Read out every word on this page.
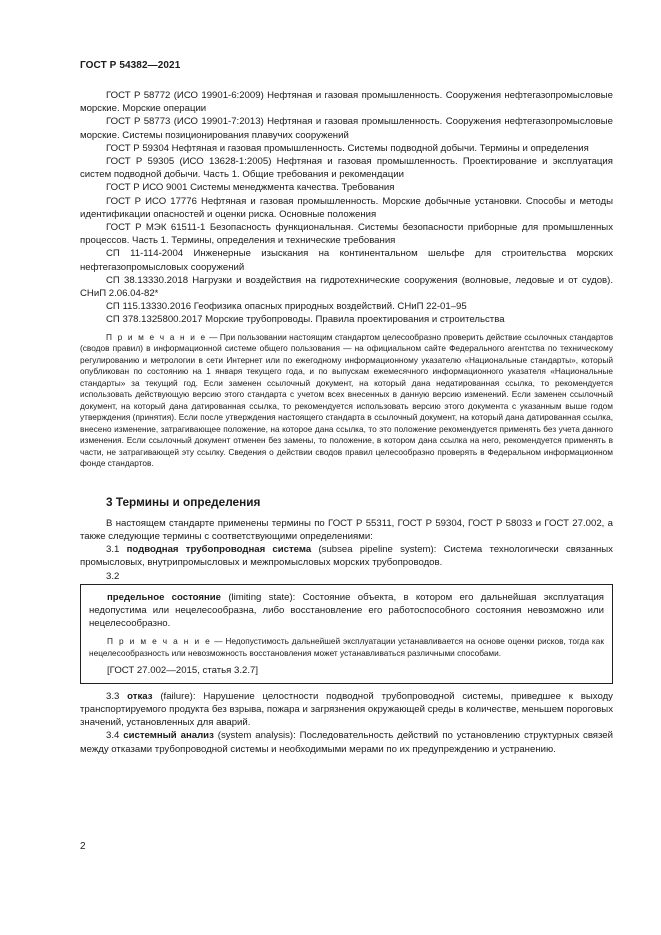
ГОСТ Р 54382—2021

ГОСТ Р 58772 (ИСО 19901-6:2009) Нефтяная и газовая промышленность. Сооружения нефтегазопромысловые морские. Морские операции

ГОСТ Р 58773 (ИСО 19901-7:2013) Нефтяная и газовая промышленность. Сооружения нефтегазопромысловые морские. Системы позиционирования плавучих сооружений

ГОСТ Р 59304 Нефтяная и газовая промышленность. Системы подводной добычи. Термины и определения

ГОСТ Р 59305 (ИСО 13628-1:2005) Нефтяная и газовая промышленность. Проектирование и эксплуатация систем подводной добычи. Часть 1. Общие требования и рекомендации

ГОСТ Р ИСО 9001 Системы менеджмента качества. Требования

ГОСТ Р ИСО 17776 Нефтяная и газовая промышленность. Морские добычные установки. Способы и методы идентификации опасностей и оценки риска. Основные положения

ГОСТ Р МЭК 61511-1 Безопасность функциональная. Системы безопасности приборные для промышленных процессов. Часть 1. Термины, определения и технические требования

СП 11-114-2004 Инженерные изыскания на континентальном шельфе для строительства морских нефтегазопромысловых сооружений

СП 38.13330.2018 Нагрузки и воздействия на гидротехнические сооружения (волновые, ледовые и от судов). СНиП 2.06.04-82*

СП 115.13330.2016 Геофизика опасных природных воздействий. СНиП 22-01–95

СП 378.1325800.2017 Морские трубопроводы. Правила проектирования и строительства

П р и м е ч а н и е — При пользовании настоящим стандартом целесообразно проверить действие ссылочных стандартов (сводов правил) в информационной системе общего пользования — на официальном сайте Федерального агентства по техническому регулированию и метрологии в сети Интернет или по ежегодному информационному указателю «Национальные стандарты», который опубликован по состоянию на 1 января текущего года, и по выпускам ежемесячного информационного указателя «Национальные стандарты» за текущий год. Если заменен ссылочный документ, на который дана недатированная ссылка, то рекомендуется использовать действующую версию этого стандарта с учетом всех внесенных в данную версию изменений. Если заменен ссылочный документ, на который дана датированная ссылка, то рекомендуется использовать версию этого документа с указанным выше годом утверждения (принятия). Если после утверждения настоящего стандарта в ссылочный документ, на который дана датированная ссылка, внесено изменение, затрагивающее положение, на которое дана ссылка, то это положение рекомендуется применять без учета данного изменения. Если ссылочный документ отменен без замены, то положение, в котором дана ссылка на него, рекомендуется применять в части, не затрагивающей эту ссылку. Сведения о действии сводов правил целесообразно проверять в Федеральном информационном фонде стандартов.

3 Термины и определения

В настоящем стандарте применены термины по ГОСТ Р 55311, ГОСТ Р 59304, ГОСТ Р 58033 и ГОСТ 27.002, а также следующие термины с соответствующими определениями:

3.1 подводная трубопроводная система (subsea pipeline system): Система технологически связанных промысловых, внутрипромысловых и межпромысловых морских трубопроводов.

3.2

предельное состояние (limiting state): Состояние объекта, в котором его дальнейшая эксплуатация недопустима или нецелесообразна, либо восстановление его работоспособного состояния невозможно или нецелесообразно.

П р и м е ч а н и е — Недопустимость дальнейшей эксплуатации устанавливается на основе оценки рисков, тогда как нецелесообразность или невозможность восстановления может устанавливаться различными способами.

[ГОСТ 27.002—2015, статья 3.2.7]

3.3 отказ (failure): Нарушение целостности подводной трубопроводной системы, приведшее к выходу транспортируемого продукта без взрыва, пожара и загрязнения окружающей среды в количестве, меньшем пороговых значений, установленных для аварий.

3.4 системный анализ (system analysis): Последовательность действий по установлению структурных связей между отказами трубопроводной системы и необходимыми мерами по их предупреждению и устранению.

2
